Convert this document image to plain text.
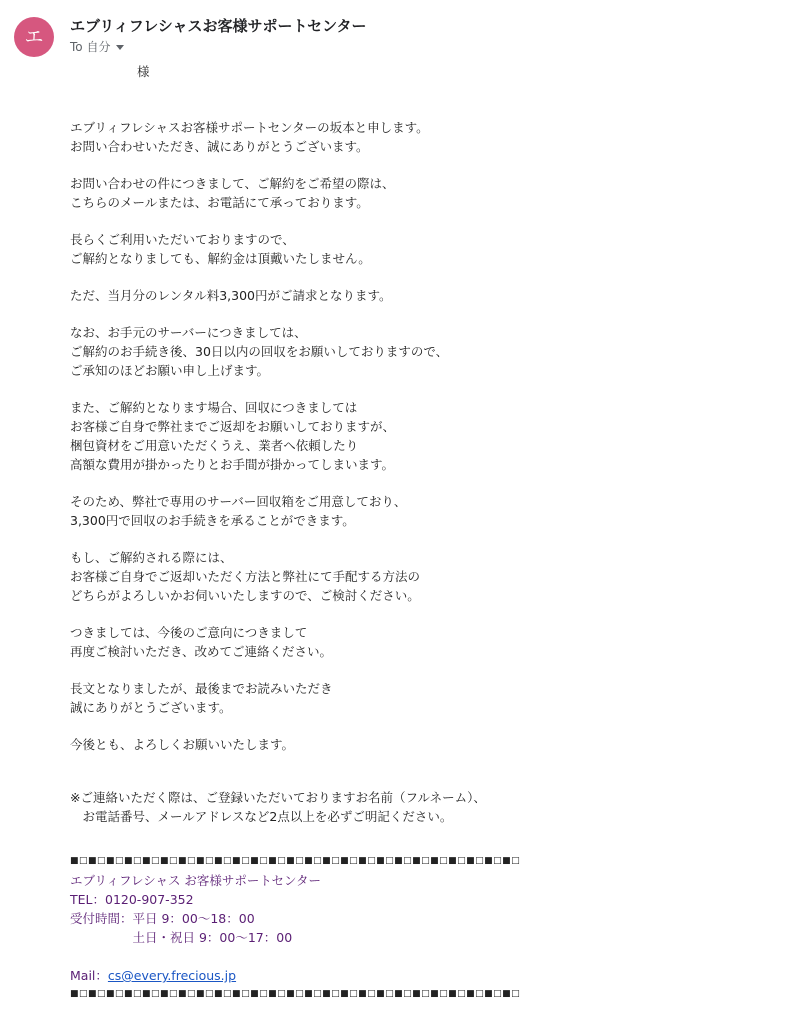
エ	エブリィフレシャスお客様サポートセンター
To 自分
様
エブリィフレシャスお客様サポートセンターの坂本と申します。
お問い合わせいただき、誠にありがとうございます。
お問い合わせの件につきまして、ご解約をご希望の際は、
こちらのメールまたは、お電話にて承っております。
長らくご利用いただいておりますので、
ご解約となりましても、解約金は頂戴いたしません。
ただ、当月分のレンタル料3,300円がご請求となります。
なお、お手元のサーバーにつきましては、
ご解約のお手続き後、30日以内の回収をお願いしておりますので、
ご承知のほどお願い申し上げます。
また、ご解約となります場合、回収につきましては
お客様ご自身で弊社までご返却をお願いしておりますが、
梱包資材をご用意いただくうえ、業者へ依頼したり
高額な費用が掛かったりとお手間が掛かってしまいます。
そのため、弊社で専用のサーバー回収箱をご用意しており、
3,300円で回収のお手続きを承ることができます。
もし、ご解約される際には、
お客様ご自身でご返却いただく方法と弊社にて手配する方法の
どちらがよろしいかお伺いいたしますので、ご検討ください。
つきましては、今後のご意向につきまして
再度ご検討いただき、改めてご連絡ください。
長文となりましたが、最後までお読みいただき
誠にありがとうございます。
今後とも、よろしくお願いいたします。
※ご連絡いただく際は、ご登録いただいておりますお名前（フルネーム）、
　お電話番号、メールアドレスなど2点以上を必ずご明記ください。
■□■□■□■□■□■□■□■□■□■□■□■□■□■□■□■□■□■□■□■□■□■□■□■□■□
エブリィフレシャス お客様サポートセンター
TEL：0120-907-352
受付時間：平日 9：00〜18：00
　　　　　土日・祝日 9：00〜17：00
Mail：cs@every.frecious.jp
■□■□■□■□■□■□■□■□■□■□■□■□■□■□■□■□■□■□■□■□■□■□■□■□■□
